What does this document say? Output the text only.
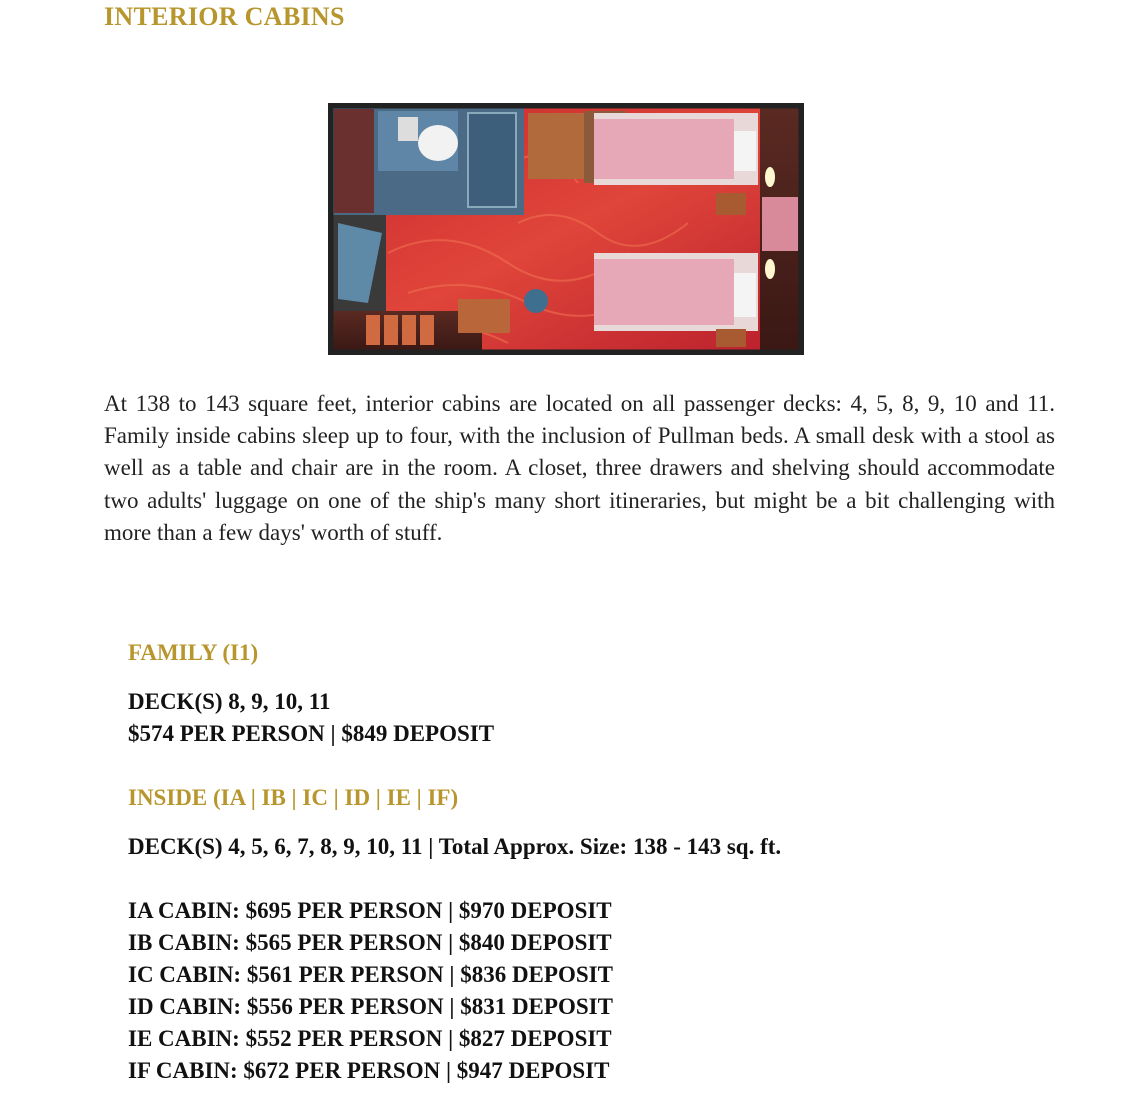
INTERIOR CABINS

At 138 to 143 square feet, interior cabins are located on all passenger decks: 4, 5, 8, 9, 10 and 11. Family inside cabins sleep up to four, with the inclusion of Pullman beds. A small desk with a stool as well as a table and chair are in the room. A closet, three drawers and shelving should accommodate two adults' luggage on one of the ship's many short itineraries, but might be a bit challenging with more than a few days' worth of stuff.

FAMILY (I1)
DECK(S) 8, 9, 10, 11
$574 PER PERSON | $849 DEPOSIT
INSIDE (IA | IB | IC | ID | IE | IF)
DECK(S) 4, 5, 6, 7, 8, 9, 10, 11 | Total Approx. Size: 138 - 143 sq. ft.
IA CABIN: $695 PER PERSON | $970 DEPOSIT
IB CABIN: $565 PER PERSON | $840 DEPOSIT
IC CABIN: $561 PER PERSON | $836 DEPOSIT
ID CABIN: $556 PER PERSON | $831 DEPOSIT
IE CABIN: $552 PER PERSON | $827 DEPOSIT
IF CABIN: $672 PER PERSON | $947 DEPOSIT
